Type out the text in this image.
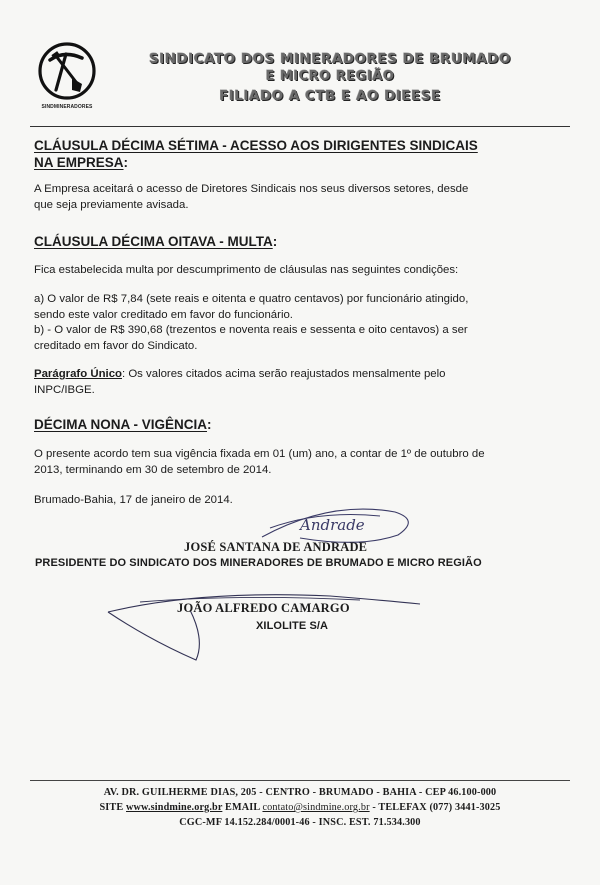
SINDMINERADORES
SINDICATO DOS MINERADORES DE BRUMADO
E MICRO REGIÃO
FILIADO A CTB E AO DIEESE
CLÁUSULA DÉCIMA SÉTIMA - ACESSO AOS DIRIGENTES SINDICAIS
NA EMPRESA:
A Empresa aceitará o acesso de Diretores Sindicais nos seus diversos setores, desde
que seja previamente avisada.
CLÁUSULA DÉCIMA OITAVA - MULTA:
Fica estabelecida multa por descumprimento de cláusulas nas seguintes condições:
a) O valor de R$ 7,84 (sete reais e oitenta e quatro centavos) por funcionário atingido,
sendo este valor creditado em favor do funcionário.
b) - O valor de R$ 390,68 (trezentos e noventa reais e sessenta e oito centavos) a ser
creditado em favor do Sindicato.
Parágrafo Único: Os valores citados acima serão reajustados mensalmente pelo
INPC/IBGE.
DÉCIMA NONA - VIGÊNCIA:
O presente acordo tem sua vigência fixada em 01 (um) ano, a contar de 1º de outubro de
2013, terminando em 30 de setembro de 2014.
Brumado-Bahia, 17 de janeiro de 2014.
Andrade
JOSÉ SANTANA DE ANDRADE
PRESIDENTE DO SINDICATO DOS MINERADORES DE BRUMADO E MICRO REGIÃO
JOÃO ALFREDO CAMARGO
XILOLITE S/A
AV. DR. GUILHERME DIAS, 205 - CENTRO - BRUMADO - BAHIA - CEP 46.100-000
SITE www.sindmine.org.br EMAIL contato@sindmine.org.br - TELEFAX (077) 3441-3025
CGC-MF 14.152.284/0001-46 - INSC. EST. 71.534.300
